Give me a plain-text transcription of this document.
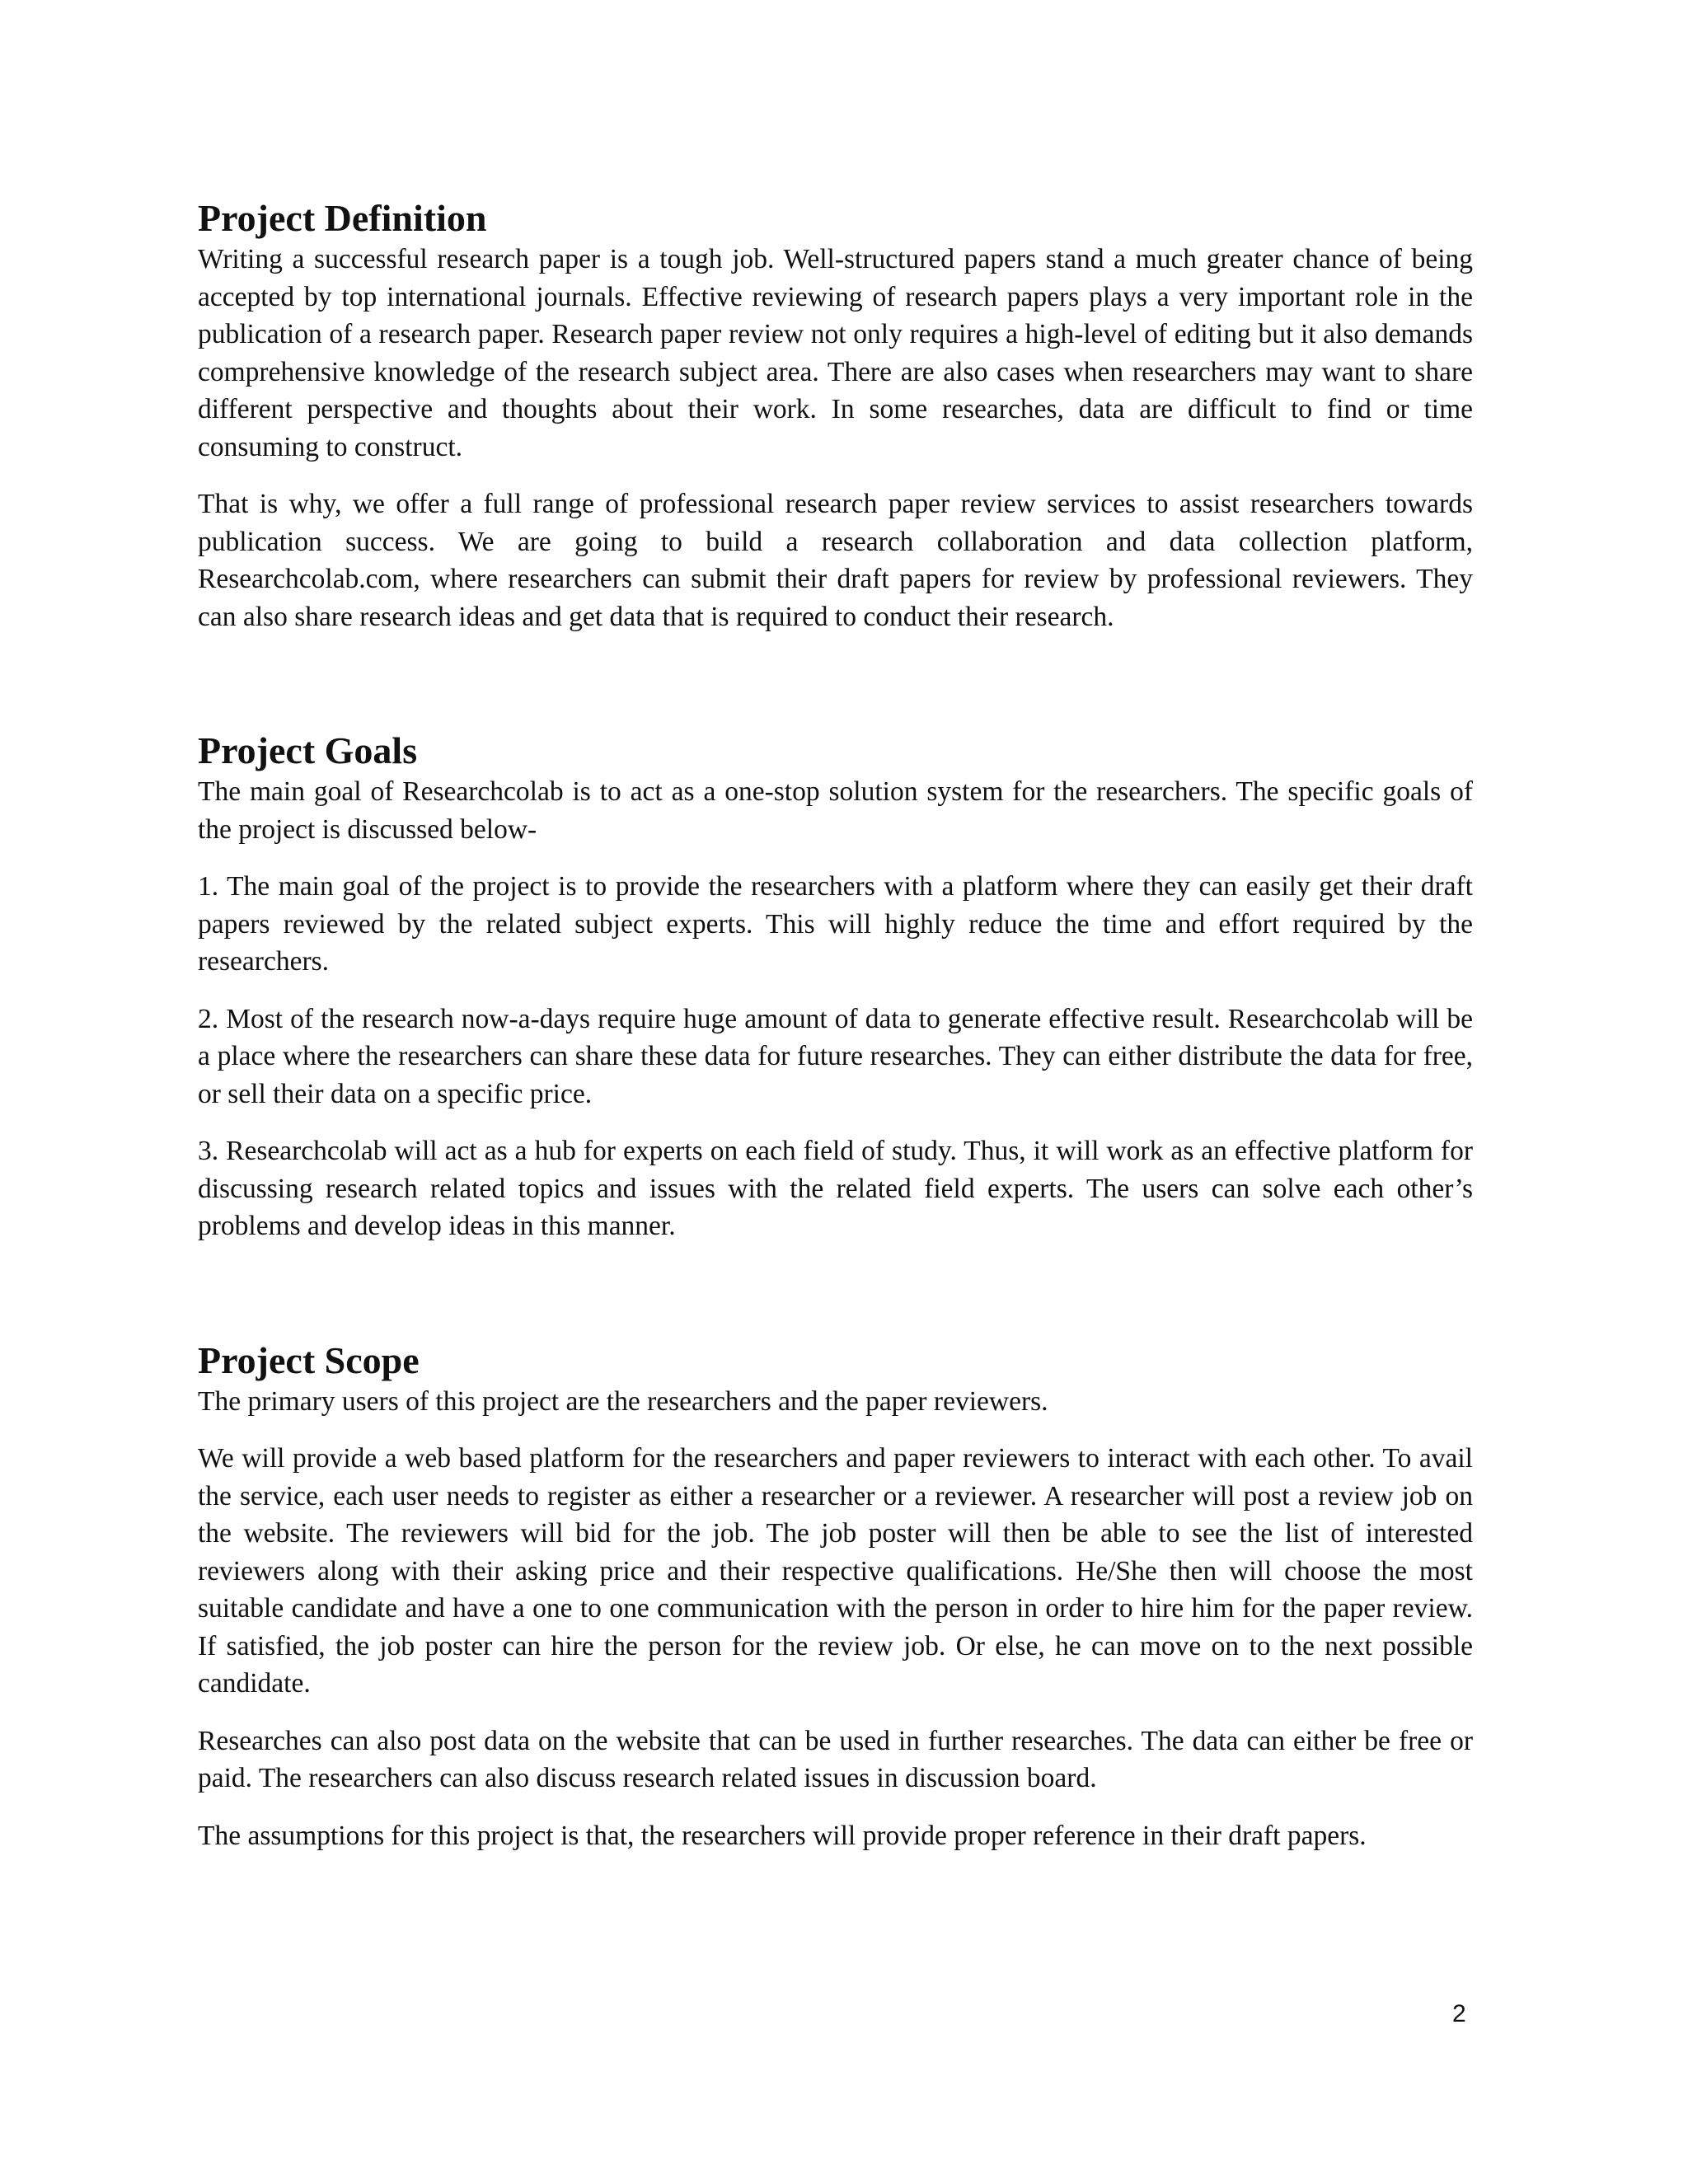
Project Definition

Writing a successful research paper is a tough job. Well-structured papers stand a much greater chance of being accepted by top international journals. Effective reviewing of research papers plays a very important role in the publication of a research paper. Research paper review not only requires a high-level of editing but it also demands comprehensive knowledge of the research subject area. There are also cases when researchers may want to share different perspective and thoughts about their work. In some researches, data are difficult to find or time consuming to construct.

That is why, we offer a full range of professional research paper review services to assist researchers towards publication success. We are going to build a research collaboration and data collection platform, Researchcolab.com, where researchers can submit their draft papers for review by professional reviewers. They can also share research ideas and get data that is required to conduct their research.

Project Goals

The main goal of Researchcolab is to act as a one-stop solution system for the researchers. The specific goals of the project is discussed below-

1. The main goal of the project is to provide the researchers with a platform where they can easily get their draft papers reviewed by the related subject experts. This will highly reduce the time and effort required by the researchers.

2. Most of the research now-a-days require huge amount of data to generate effective result. Researchcolab will be a place where the researchers can share these data for future researches. They can either distribute the data for free, or sell their data on a specific price.

3. Researchcolab will act as a hub for experts on each field of study. Thus, it will work as an effective platform for discussing research related topics and issues with the related field experts. The users can solve each other’s problems and develop ideas in this manner.

Project Scope

The primary users of this project are the researchers and the paper reviewers.

We will provide a web based platform for the researchers and paper reviewers to interact with each other. To avail the service, each user needs to register as either a researcher or a reviewer. A researcher will post a review job on the website. The reviewers will bid for the job. The job poster will then be able to see the list of interested reviewers along with their asking price and their respective qualifications. He/She then will choose the most suitable candidate and have a one to one communication with the person in order to hire him for the paper review. If satisfied, the job poster can hire the person for the review job. Or else, he can move on to the next possible candidate.

Researches can also post data on the website that can be used in further researches. The data can either be free or paid. The researchers can also discuss research related issues in discussion board.

The assumptions for this project is that, the researchers will provide proper reference in their draft papers.

2
